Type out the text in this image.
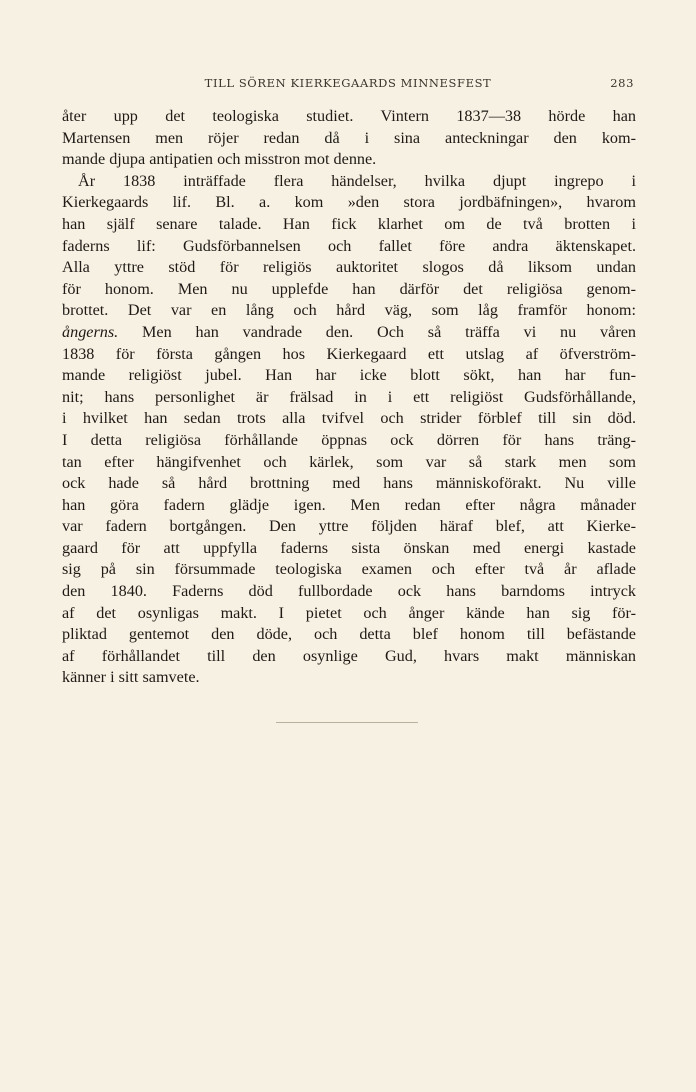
TILL SÖREN KIERKEGAARDS MINNESFEST	283
åter upp det teologiska studiet. Vintern 1837—38 hörde han
Martensen men röjer redan då i sina anteckningar den kom-
mande djupa antipatien och misstron mot denne.
År 1838 inträffade flera händelser, hvilka djupt ingrepo i
Kierkegaards lif. Bl. a. kom »den stora jordbäfningen», hvarom
han själf senare talade. Han fick klarhet om de två brotten i
faderns lif: Gudsförbannelsen och fallet före andra äktenskapet.
Alla yttre stöd för religiös auktoritet slogos då liksom undan
för honom. Men nu upplefde han därför det religiösa genom-
brottet. Det var en lång och hård väg, som låg framför honom:
ångerns. Men han vandrade den. Och så träffa vi nu våren
1838 för första gången hos Kierkegaard ett utslag af öfverström-
mande religiöst jubel. Han har icke blott sökt, han har fun-
nit; hans personlighet är frälsad in i ett religiöst Gudsförhållande,
i hvilket han sedan trots alla tvifvel och strider förblef till sin död.
I detta religiösa förhållande öppnas ock dörren för hans träng-
tan efter hängifvenhet och kärlek, som var så stark men som
ock hade så hård brottning med hans människoförakt. Nu ville
han göra fadern glädje igen. Men redan efter några månader
var fadern bortgången. Den yttre följden häraf blef, att Kierke-
gaard för att uppfylla faderns sista önskan med energi kastade
sig på sin försummade teologiska examen och efter två år aflade
den 1840. Faderns död fullbordade ock hans barndoms intryck
af det osynligas makt. I pietet och ånger kände han sig för-
pliktad gentemot den döde, och detta blef honom till befästande
af förhållandet till den osynlige Gud, hvars makt människan
känner i sitt samvete.
